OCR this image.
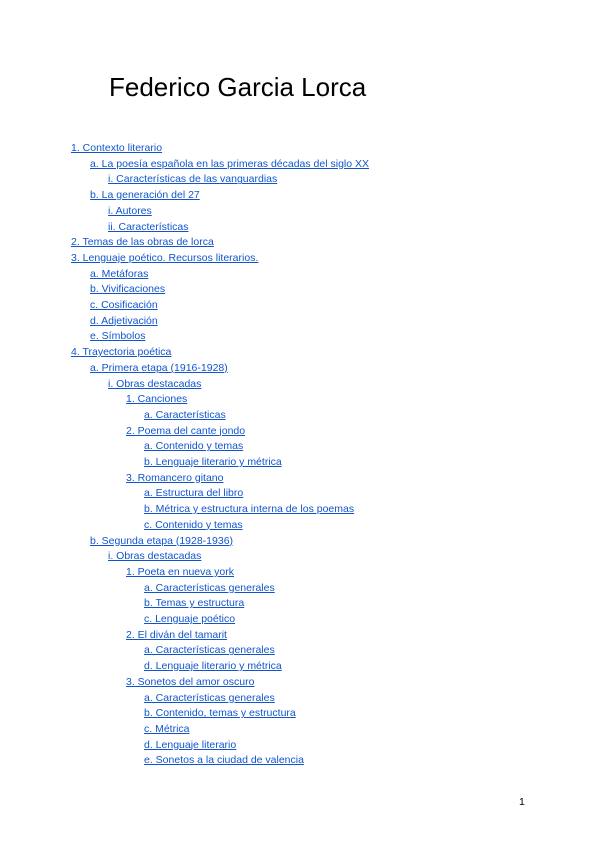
Federico Garcia Lorca
1. Contexto literario
a. La poesía española en las primeras décadas del siglo XX
i. Características de las vanguardias
b. La generación del 27
i. Autores
ii. Características
2. Temas de las obras de lorca
3. Lenguaje poético. Recursos literarios.
a. Metáforas
b. Vivificaciones
c. Cosificación
d. Adjetivación
e. Símbolos
4. Trayectoria poética
a. Primera etapa (1916-1928)
i. Obras destacadas
1. Canciones
a. Características
2. Poema del cante jondo
a. Contenido y temas
b. Lenguaje literario y métrica
3. Romancero gitano
a. Estructura del libro
b. Métrica y estructura interna de los poemas
c. Contenido y temas
b. Segunda etapa (1928-1936)
i. Obras destacadas
1. Poeta en nueva york
a. Características generales
b. Temas y estructura
c. Lenguaje poético
2. El diván del tamarit
a. Características generales
d. Lenguaje literario y métrica
3. Sonetos del amor oscuro
a. Características generales
b. Contenido, temas y estructura
c. Métrica
d. Lenguaje literario
e. Sonetos a la ciudad de valencia
1
